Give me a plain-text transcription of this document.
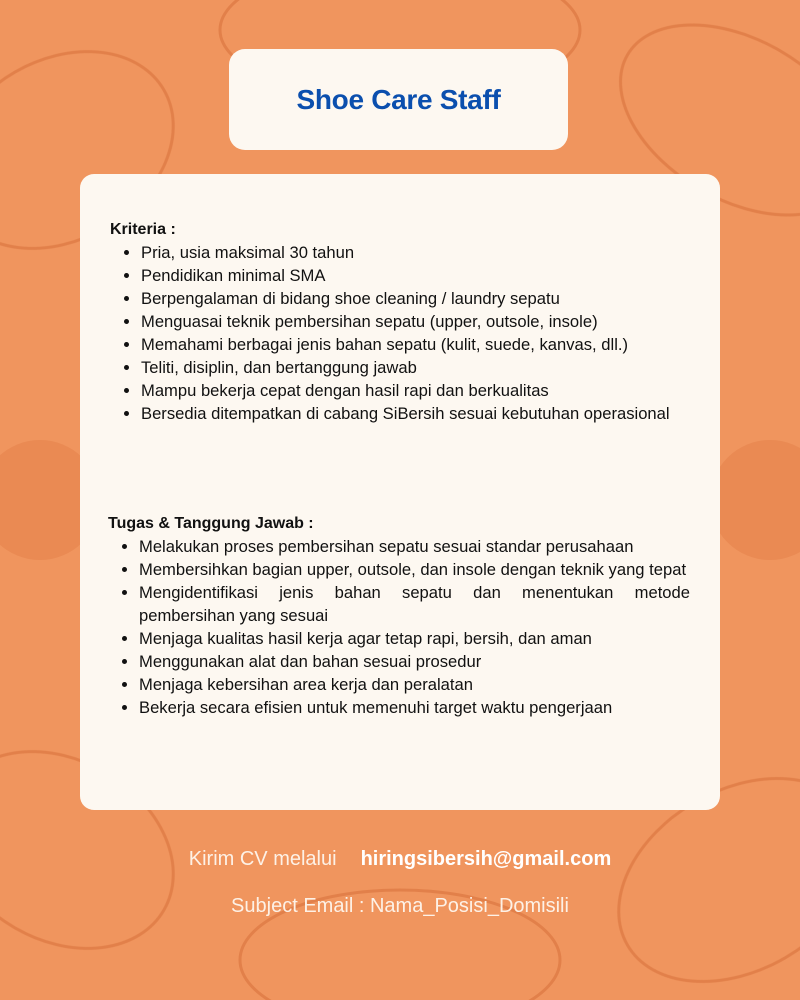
Shoe Care Staff
Kriteria :
• Pria, usia maksimal 30 tahun
• Pendidikan minimal SMA
• Berpengalaman di bidang shoe cleaning / laundry sepatu
• Menguasai teknik pembersihan sepatu (upper, outsole, insole)
• Memahami berbagai jenis bahan sepatu (kulit, suede, kanvas, dll.)
• Teliti, disiplin, dan bertanggung jawab
• Mampu bekerja cepat dengan hasil rapi dan berkualitas
• Bersedia ditempatkan di cabang SiBersih sesuai kebutuhan operasional
Tugas & Tanggung Jawab :
• Melakukan proses pembersihan sepatu sesuai standar perusahaan
• Membersihkan bagian upper, outsole, dan insole dengan teknik yang tepat
• Mengidentifikasi jenis bahan sepatu dan menentukan metode pembersihan yang sesuai
• Menjaga kualitas hasil kerja agar tetap rapi, bersih, dan aman
• Menggunakan alat dan bahan sesuai prosedur
• Menjaga kebersihan area kerja dan peralatan
• Bekerja secara efisien untuk memenuhi target waktu pengerjaan
Kirim CV melalui hiringsibersih@gmail.com
Subject Email : Nama_Posisi_Domisili
